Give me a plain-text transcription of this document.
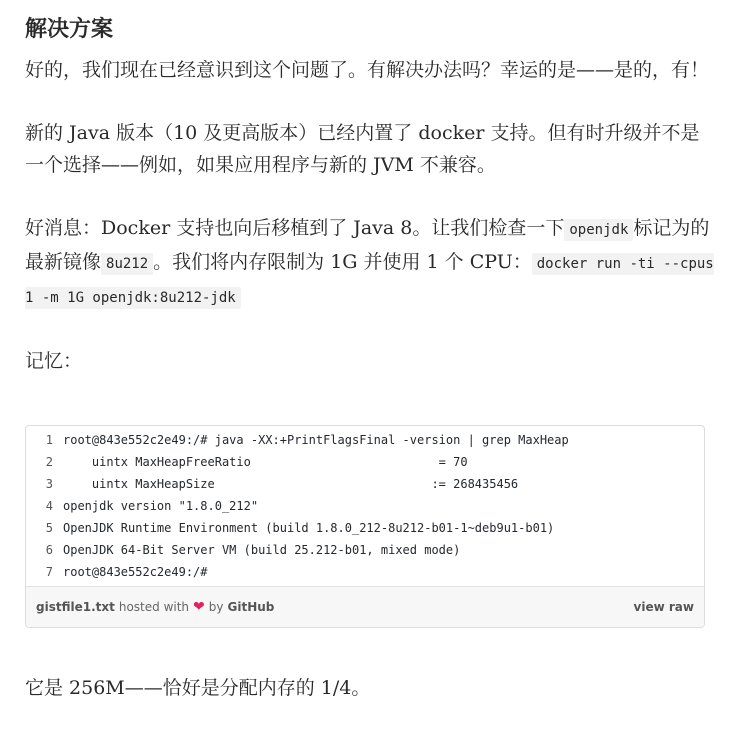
解决方案

好的，我们现在已经意识到这个问题了。有解决办法吗？幸运的是——是的，有！

新的 Java 版本（10 及更高版本）已经内置了 docker 支持。但有时升级并不是一个选择——例如，如果应用程序与新的 JVM 不兼容。

好消息：Docker 支持也向后移植到了 Java 8。让我们检查一下 openjdk 标记为的最新镜像 8u212 。我们将内存限制为 1G 并使用 1 个 CPU： docker run -ti --cpus 1 -m 1G openjdk:8u212-jdk

记忆：

1 root@843e552c2e49:/# java -XX:+PrintFlagsFinal -version | grep MaxHeap
2 uintx MaxHeapFreeRatio                          = 70
3 uintx MaxHeapSize                              := 268435456
4 openjdk version "1.8.0_212"
5 OpenJDK Runtime Environment (build 1.8.0_212-8u212-b01-1~deb9u1-b01)
6 OpenJDK 64-Bit Server VM (build 25.212-b01, mixed mode)
7 root@843e552c2e49:/#
gistfile1.txt hosted with ❤ by GitHub	view raw

它是 256M——恰好是分配内存的 1/4。
